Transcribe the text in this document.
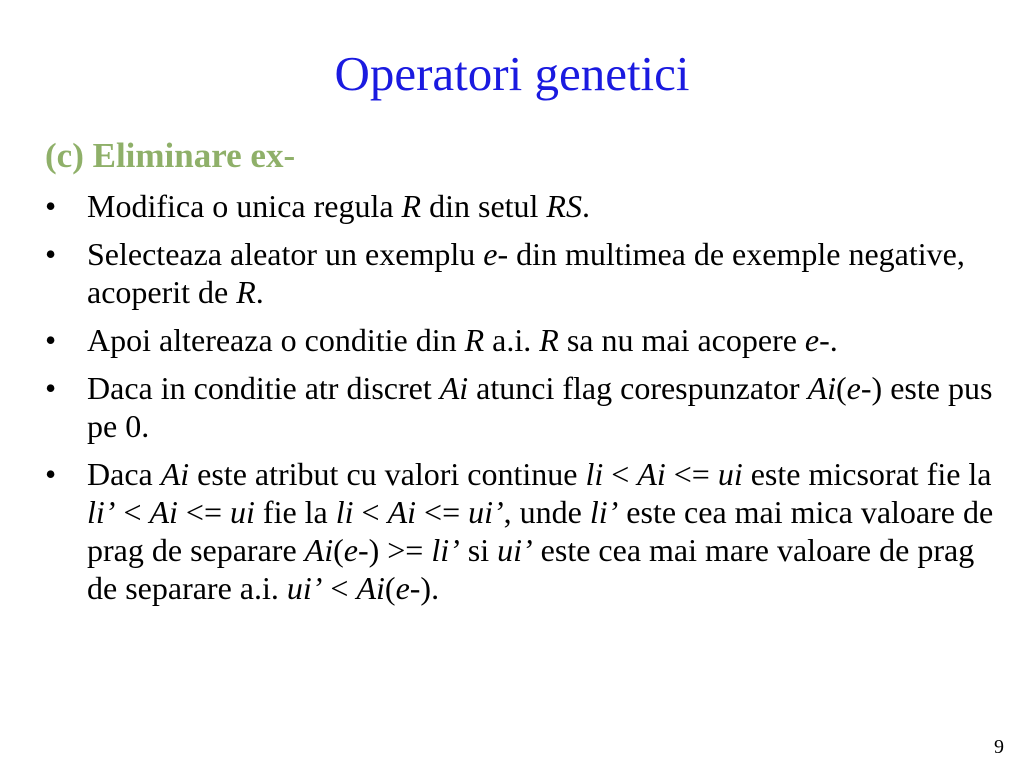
Operatori genetici
(c) Eliminare ex-
• Modifica o unica regula R din setul RS.
• Selecteaza aleator un exemplu e- din multimea de exemple negative, acoperit de R.
• Apoi altereaza o conditie din R a.i. R sa nu mai acopere e-.
• Daca in conditie atr discret Ai atunci flag corespunzator Ai(e-) este pus pe 0.
• Daca Ai este atribut cu valori continue li < Ai <= ui este micsorat fie la li’ < Ai <= ui fie la li < Ai <= ui’, unde li’ este cea mai mica valoare de prag de separare Ai(e-) >= li’ si ui’ este cea mai mare valoare de prag de separare a.i. ui’ < Ai(e-).
9
